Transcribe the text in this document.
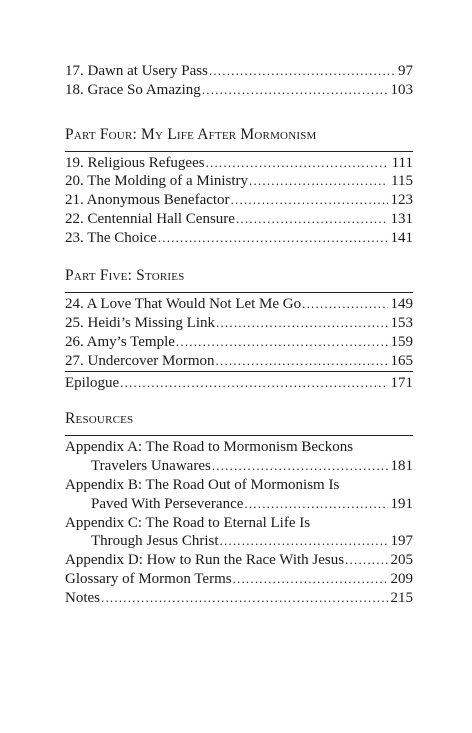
17. Dawn at Usery Pass .....	97
18. Grace So Amazing .....	103
Part Four: My Life After Mormonism
19. Religious Refugees .....	111
20. The Molding of a Ministry .....	115
21. Anonymous Benefactor .....	123
22. Centennial Hall Censure .....	131
23. The Choice .....	141
Part Five: Stories
24. A Love That Would Not Let Me Go .....	149
25. Heidi’s Missing Link .....	153
26. Amy’s Temple .....	159
27. Undercover Mormon .....	165
Epilogue .....	171
Resources
Appendix A: The Road to Mormonism Beckons
Travelers Unawares .....	181
Appendix B: The Road Out of Mormonism Is
Paved With Perseverance .....	191
Appendix C: The Road to Eternal Life Is
Through Jesus Christ .....	197
Appendix D: How to Run the Race With Jesus .....	205
Glossary of Mormon Terms .....	209
Notes .....	215
